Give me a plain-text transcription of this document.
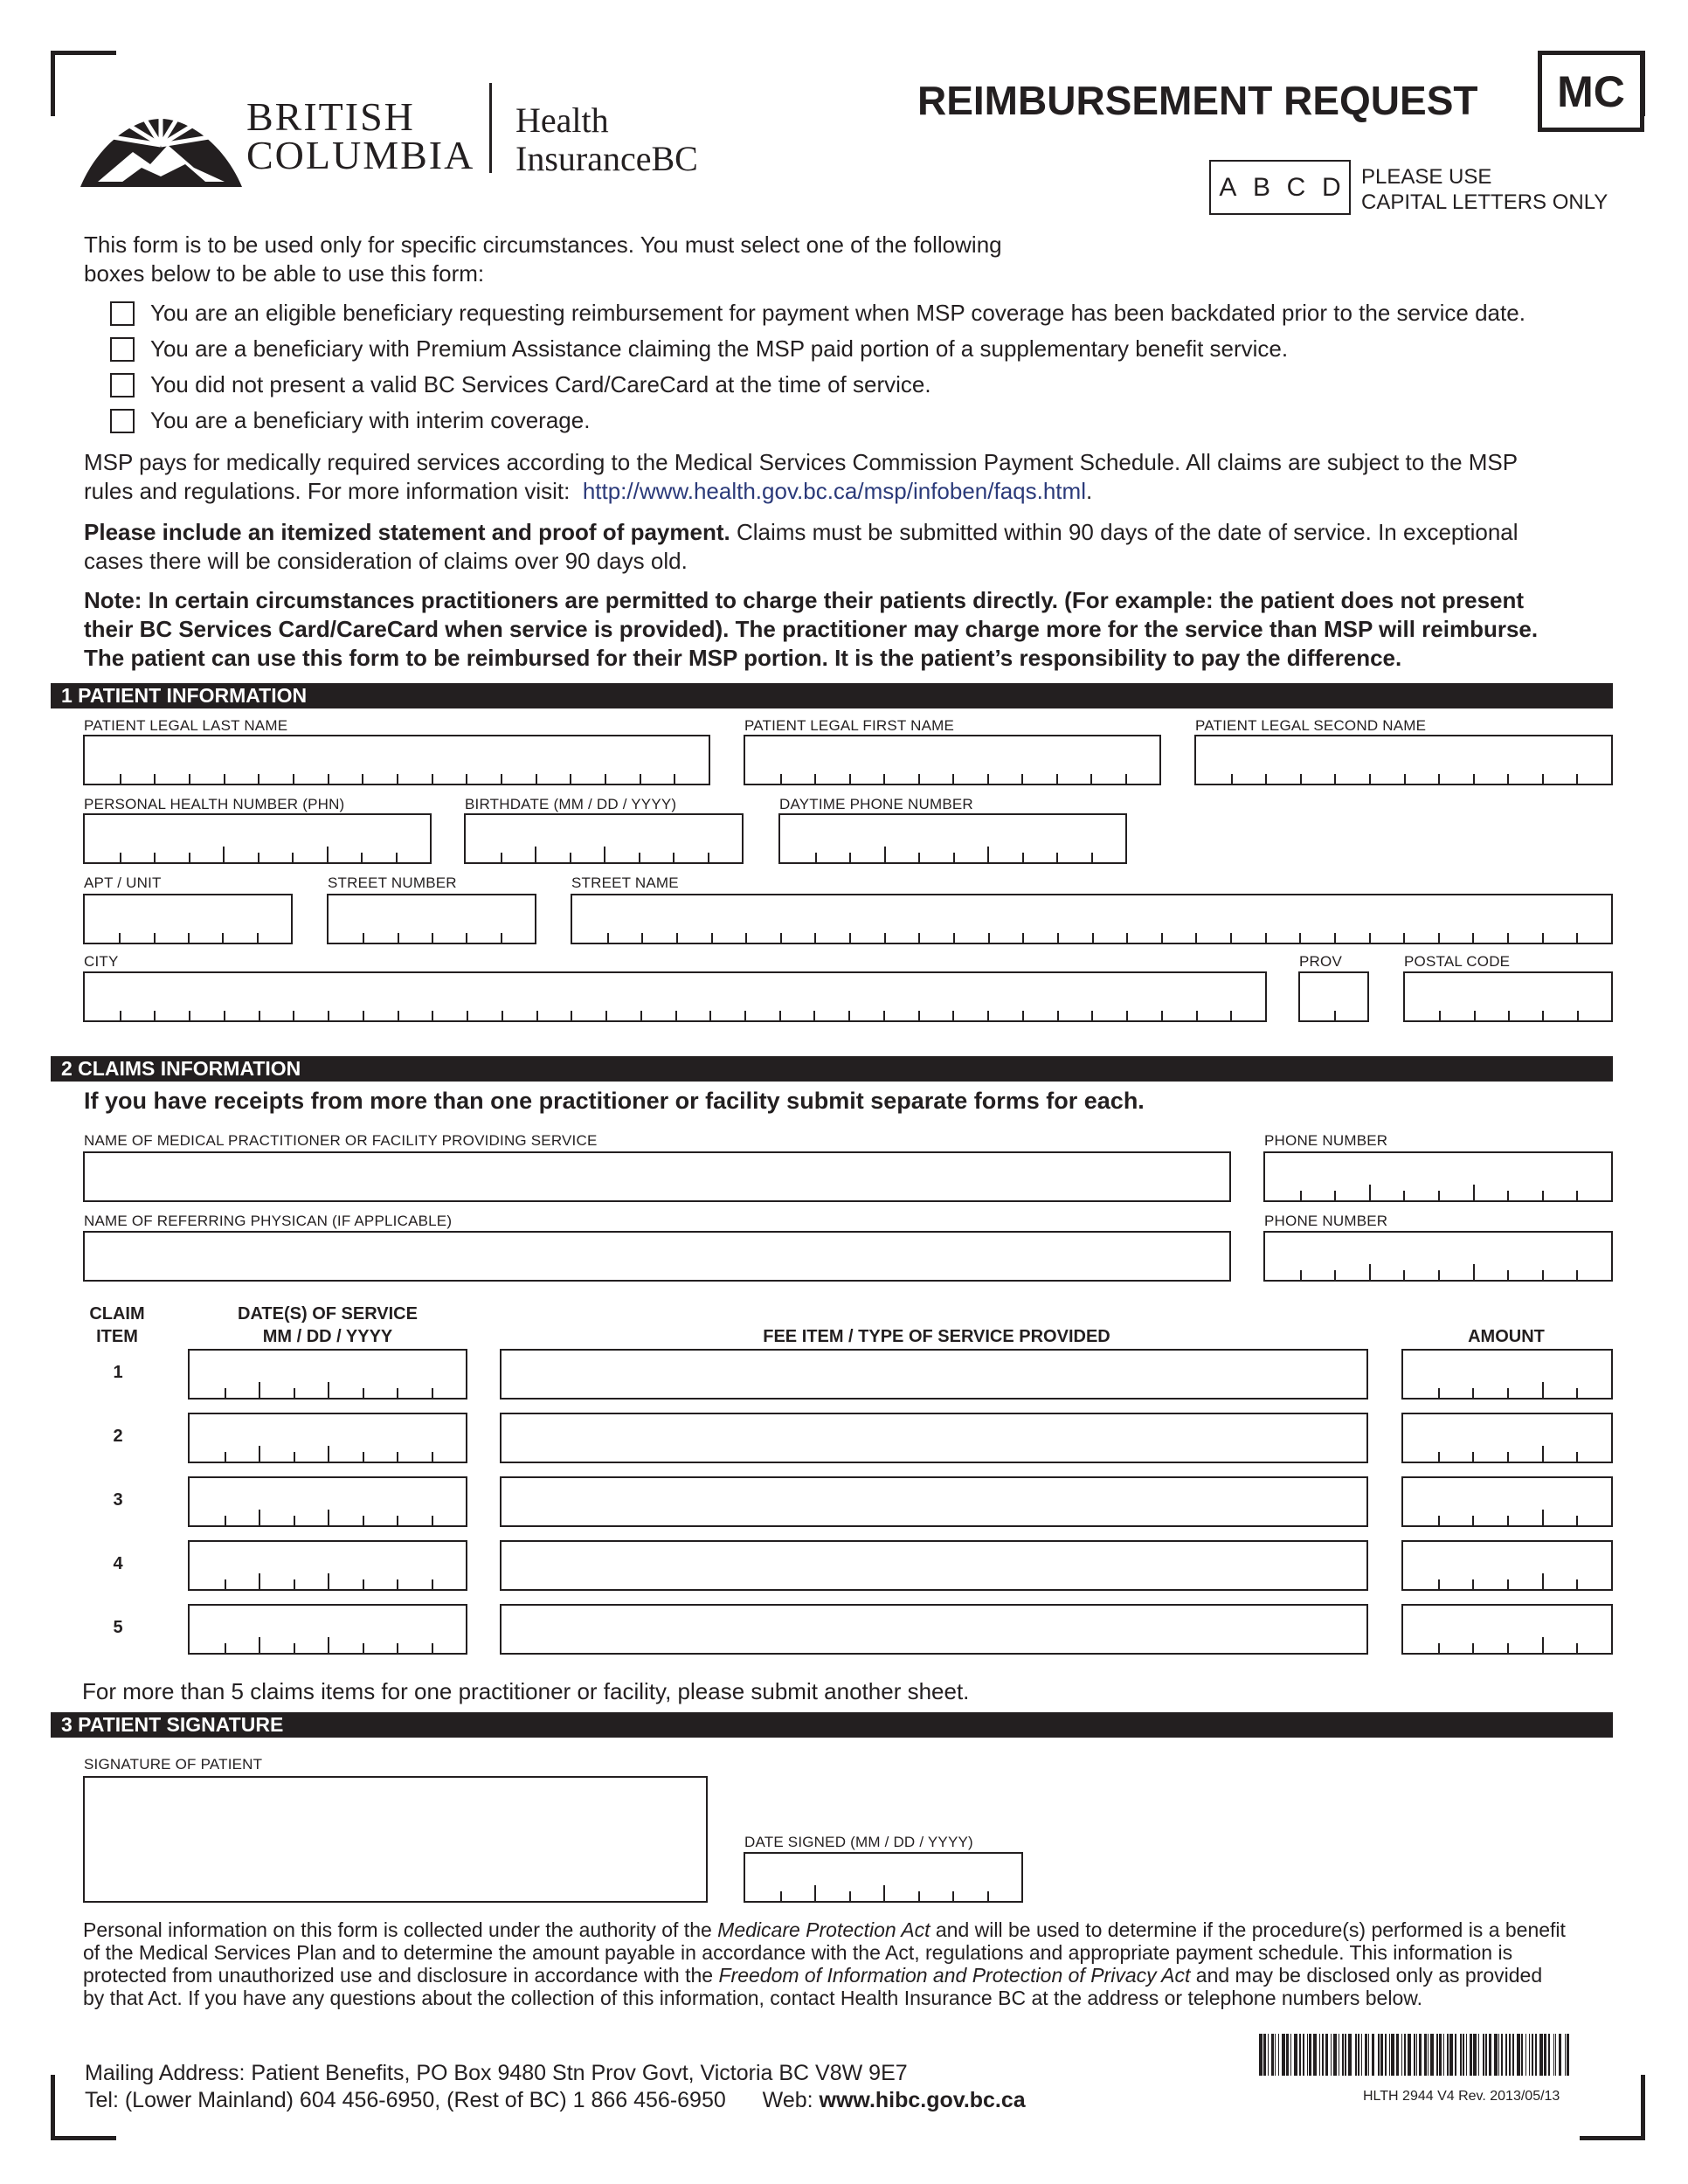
BRITISH
COLUMBIA
Health
InsuranceBC
REIMBURSEMENT REQUEST	MC
A B C D PLEASE USE
CAPITAL LETTERS ONLY
This form is to be used only for specific circumstances. You must select one of the following
boxes below to be able to use this form:
You are an eligible beneficiary requesting reimbursement for payment when MSP coverage has been backdated prior to the service date.
You are a beneficiary with Premium Assistance claiming the MSP paid portion of a supplementary benefit service.
You did not present a valid BC Services Card/CareCard at the time of service.
You are a beneficiary with interim coverage.
MSP pays for medically required services according to the Medical Services Commission Payment Schedule. All claims are subject to the MSP
rules and regulations. For more information visit: http://www.health.gov.bc.ca/msp/infoben/faqs.html.
Please include an itemized statement and proof of payment. Claims must be submitted within 90 days of the date of service. In exceptional
cases there will be consideration of claims over 90 days old.
Note: In certain circumstances practitioners are permitted to charge their patients directly. (For example: the patient does not present
their BC Services Card/CareCard when service is provided). The practitioner may charge more for the service than MSP will reimburse.
The patient can use this form to be reimbursed for their MSP portion. It is the patient’s responsibility to pay the difference.
1 PATIENT INFORMATION
PATIENT LEGAL LAST NAME	PATIENT LEGAL FIRST NAME	PATIENT LEGAL SECOND NAME
PERSONAL HEALTH NUMBER (PHN)	BIRTHDATE (MM / DD / YYYY)	DAYTIME PHONE NUMBER
APT / UNIT	STREET NUMBER	STREET NAME
CITY	PROV	POSTAL CODE
2 CLAIMS INFORMATION
If you have receipts from more than one practitioner or facility submit separate forms for each.
NAME OF MEDICAL PRACTITIONER OR FACILITY PROVIDING SERVICE	PHONE NUMBER
NAME OF REFERRING PHYSICAN (IF APPLICABLE)	PHONE NUMBER
CLAIM
ITEM
DATE(S) OF SERVICE
MM / DD / YYYY	FEE ITEM / TYPE OF SERVICE PROVIDED	AMOUNT
1
2
3
4
5
For more than 5 claims items for one practitioner or facility, please submit another sheet.
3 PATIENT SIGNATURE
SIGNATURE OF PATIENT
DATE SIGNED (MM / DD / YYYY)
Personal information on this form is collected under the authority of the Medicare Protection Act and will be used to determine if the procedure(s) performed is a benefit
of the Medical Services Plan and to determine the amount payable in accordance with the Act, regulations and appropriate payment schedule. This information is
protected from unauthorized use and disclosure in accordance with the Freedom of Information and Protection of Privacy Act and may be disclosed only as provided
by that Act. If you have any questions about the collection of this information, contact Health Insurance BC at the address or telephone numbers below.
Mailing Address: Patient Benefits, PO Box 9480 Stn Prov Govt, Victoria BC V8W 9E7
Tel: (Lower Mainland) 604 456-6950, (Rest of BC) 1 866 456-6950 Web: www.hibc.gov.bc.ca	HLTH 2944 V4 Rev. 2013/05/13
